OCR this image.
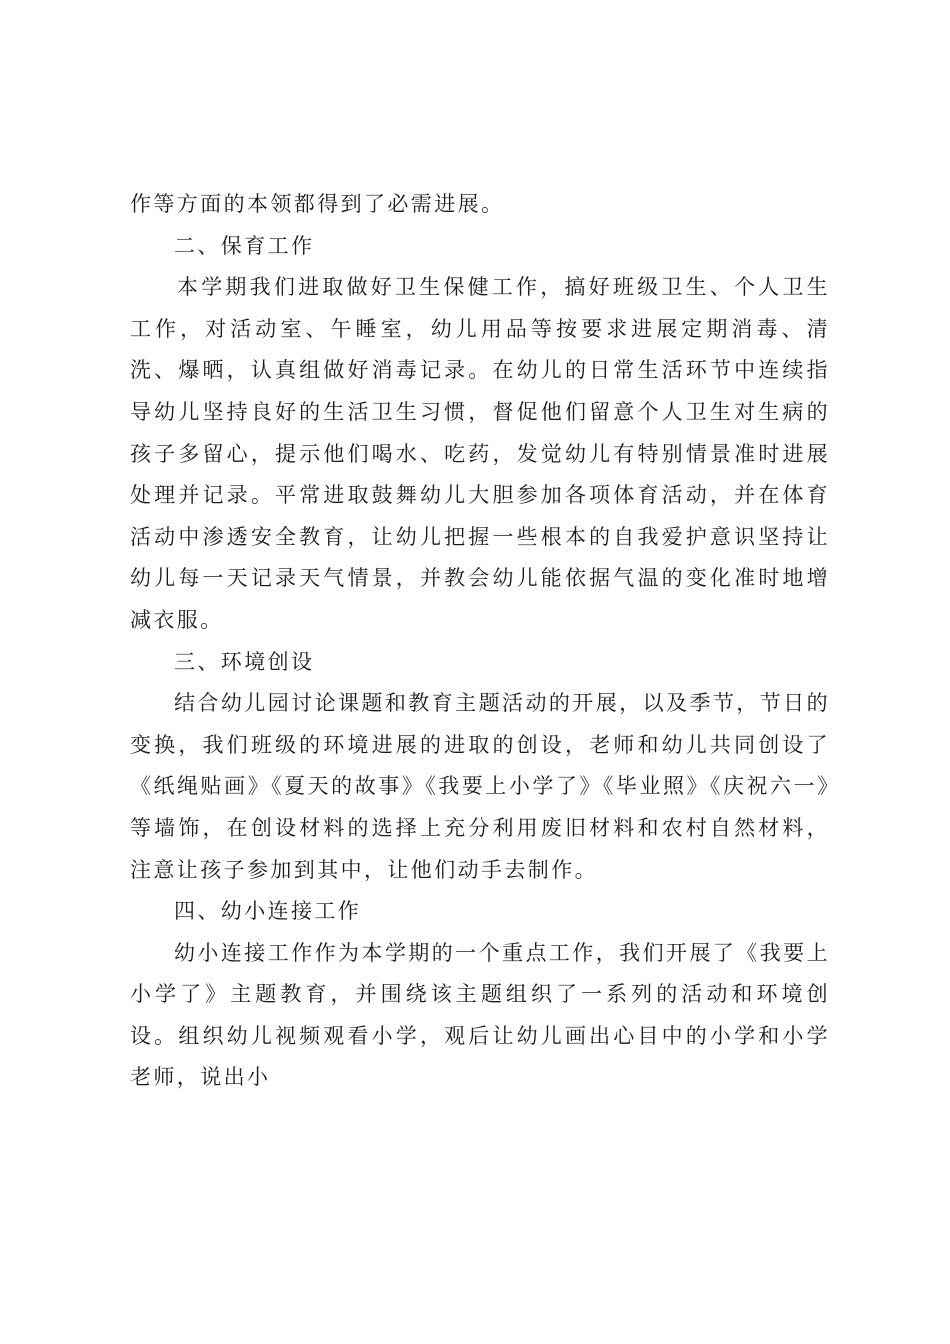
作等方面的本领都得到了必需进展。

二、保育工作

本学期我们进取做好卫生保健工作，搞好班级卫生、个人卫生工作，对活动室、午睡室，幼儿用品等按要求进展定期消毒、清洗、爆晒，认真组做好消毒记录。在幼儿的日常生活环节中连续指导幼儿坚持良好的生活卫生习惯，督促他们留意个人卫生对生病的孩子多留心，提示他们喝水、吃药，发觉幼儿有特别情景准时进展处理并记录。平常进取鼓舞幼儿大胆参加各项体育活动，并在体育活动中渗透安全教育，让幼儿把握一些根本的自我爱护意识坚持让幼儿每一天记录天气情景，并教会幼儿能依据气温的变化准时地增减衣服。

三、环境创设

结合幼儿园讨论课题和教育主题活动的开展，以及季节，节日的变换，我们班级的环境进展的进取的创设，老师和幼儿共同创设了《纸绳贴画》《夏天的故事》《我要上小学了》《毕业照》《庆祝六一》等墙饰，在创设材料的选择上充分利用废旧材料和农村自然材料，注意让孩子参加到其中，让他们动手去制作。

四、幼小连接工作

幼小连接工作作为本学期的一个重点工作，我们开展了《我要上小学了》主题教育，并围绕该主题组织了一系列的活动和环境创设。组织幼儿视频观看小学，观后让幼儿画出心目中的小学和小学老师，说出小
